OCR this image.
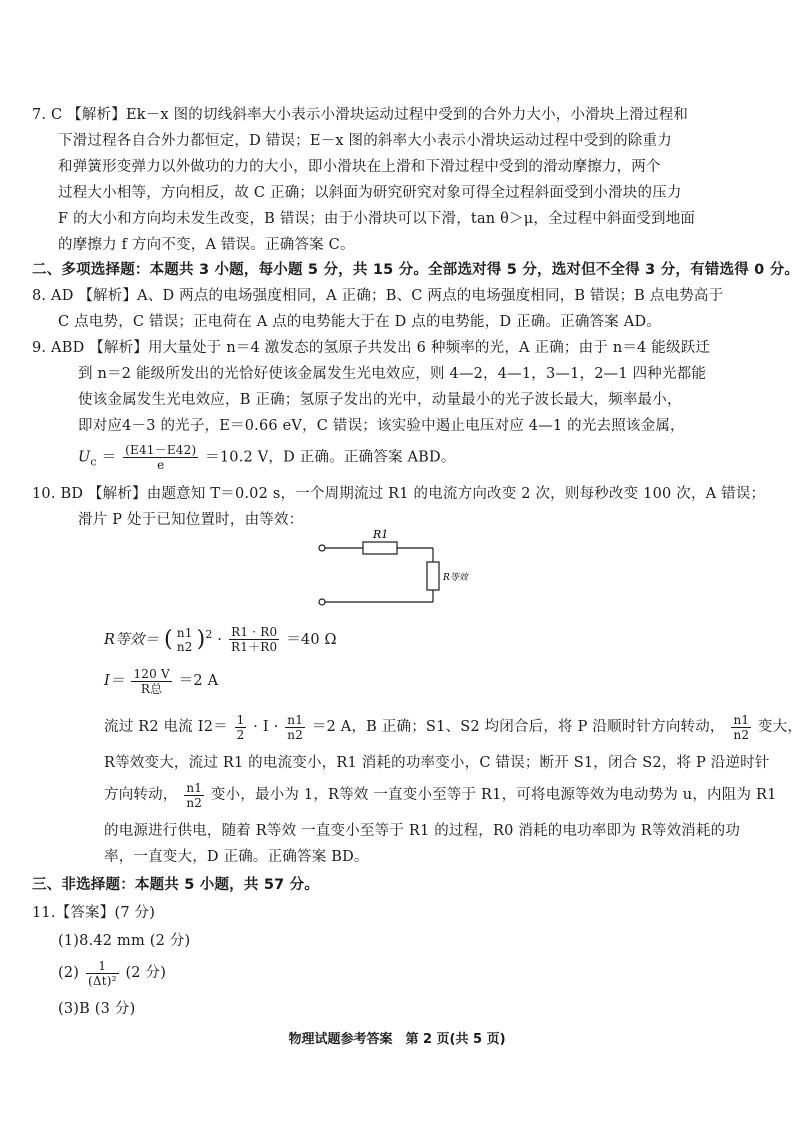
7. C 【解析】Ek－x 图的切线斜率大小表示小滑块运动过程中受到的合外力大小，小滑块上滑过程和
下滑过程各自合外力都恒定，D 错误；E－x 图的斜率大小表示小滑块运动过程中受到的除重力
和弹簧形变弹力以外做功的力的大小，即小滑块在上滑和下滑过程中受到的滑动摩擦力，两个
过程大小相等，方向相反，故 C 正确；以斜面为研究研究对象可得全过程斜面受到小滑块的压力
F 的大小和方向均未发生改变，B 错误；由于小滑块可以下滑，tan θ＞μ，全过程中斜面受到地面
的摩擦力 f 方向不变，A 错误。正确答案 C。
二、多项选择题：本题共 3 小题，每小题 5 分，共 15 分。全部选对得 5 分，选对但不全得 3 分，有错选得 0 分。
8. AD 【解析】A、D 两点的电场强度相同，A 正确；B、C 两点的电场强度相同，B 错误；B 点电势高于
C 点电势，C 错误；正电荷在 A 点的电势能大于在 D 点的电势能，D 正确。正确答案 AD。
9. ABD 【解析】用大量处于 n＝4 激发态的氢原子共发出 6 种频率的光，A 正确；由于 n＝4 能级跃迁
到 n＝2 能级所发出的光恰好使该金属发生光电效应，则 4—2，4—1，3—1，2—1 四种光都能
使该金属发生光电效应，B 正确；氢原子发出的光中，动量最小的光子波长最大，频率最小，
即对应4－3 的光子，E＝0.66 eV，C 错误；该实验中遏止电压对应 4—1 的光去照该金属，
$U_c = \frac{(E41-E42)}{e} =10.2$ V，D 正确。正确答案 ABD。
10. BD 【解析】由题意知 T＝0.02 s，一个周期流过 R1 的电流方向改变 2 次，则每秒改变 100 次，A 错误；
滑片 P 处于已知位置时，由等效：
R1
R等效
R等效＝ ( n1
n2 )$^2 \cdot \frac{R1 \cdot R0}{R1+R0} =40$ Ω
$I= \frac{120 V}{\text{R总}} =2$ A
流过 R2 电流 $I2= \frac{1}{2} \cdot I \cdot \frac{n1}{n2} =2$ A，B 正确；S1、S2 均闭合后，将 P 沿顺时针方向转动， $\frac{n1}{n2}$ 变大，
R等效变大，流过 R1 的电流变小，R1 消耗的功率变小，C 错误；断开 S1，闭合 S2，将 P 沿逆时针
方向转动， $\frac{n1}{n2}$ 变小，最小为 1，R等效 一直变小至等于 R1，可将电源等效为电动势为 u，内阻为 R1
的电源进行供电，随着 R等效 一直变小至等于 R1 的过程，R0 消耗的电功率即为 R等效消耗的功
率，一直变大，D 正确。正确答案 BD。
三、非选择题：本题共 5 小题，共 57 分。
11.【答案】(7 分)
(1)8.42 mm (2 分)
$(2) \frac{1}{\text{(Δt)²}} (2$ 分)
(3)B (3 分)
物理试题参考答案　第 2 页(共 5 页)
